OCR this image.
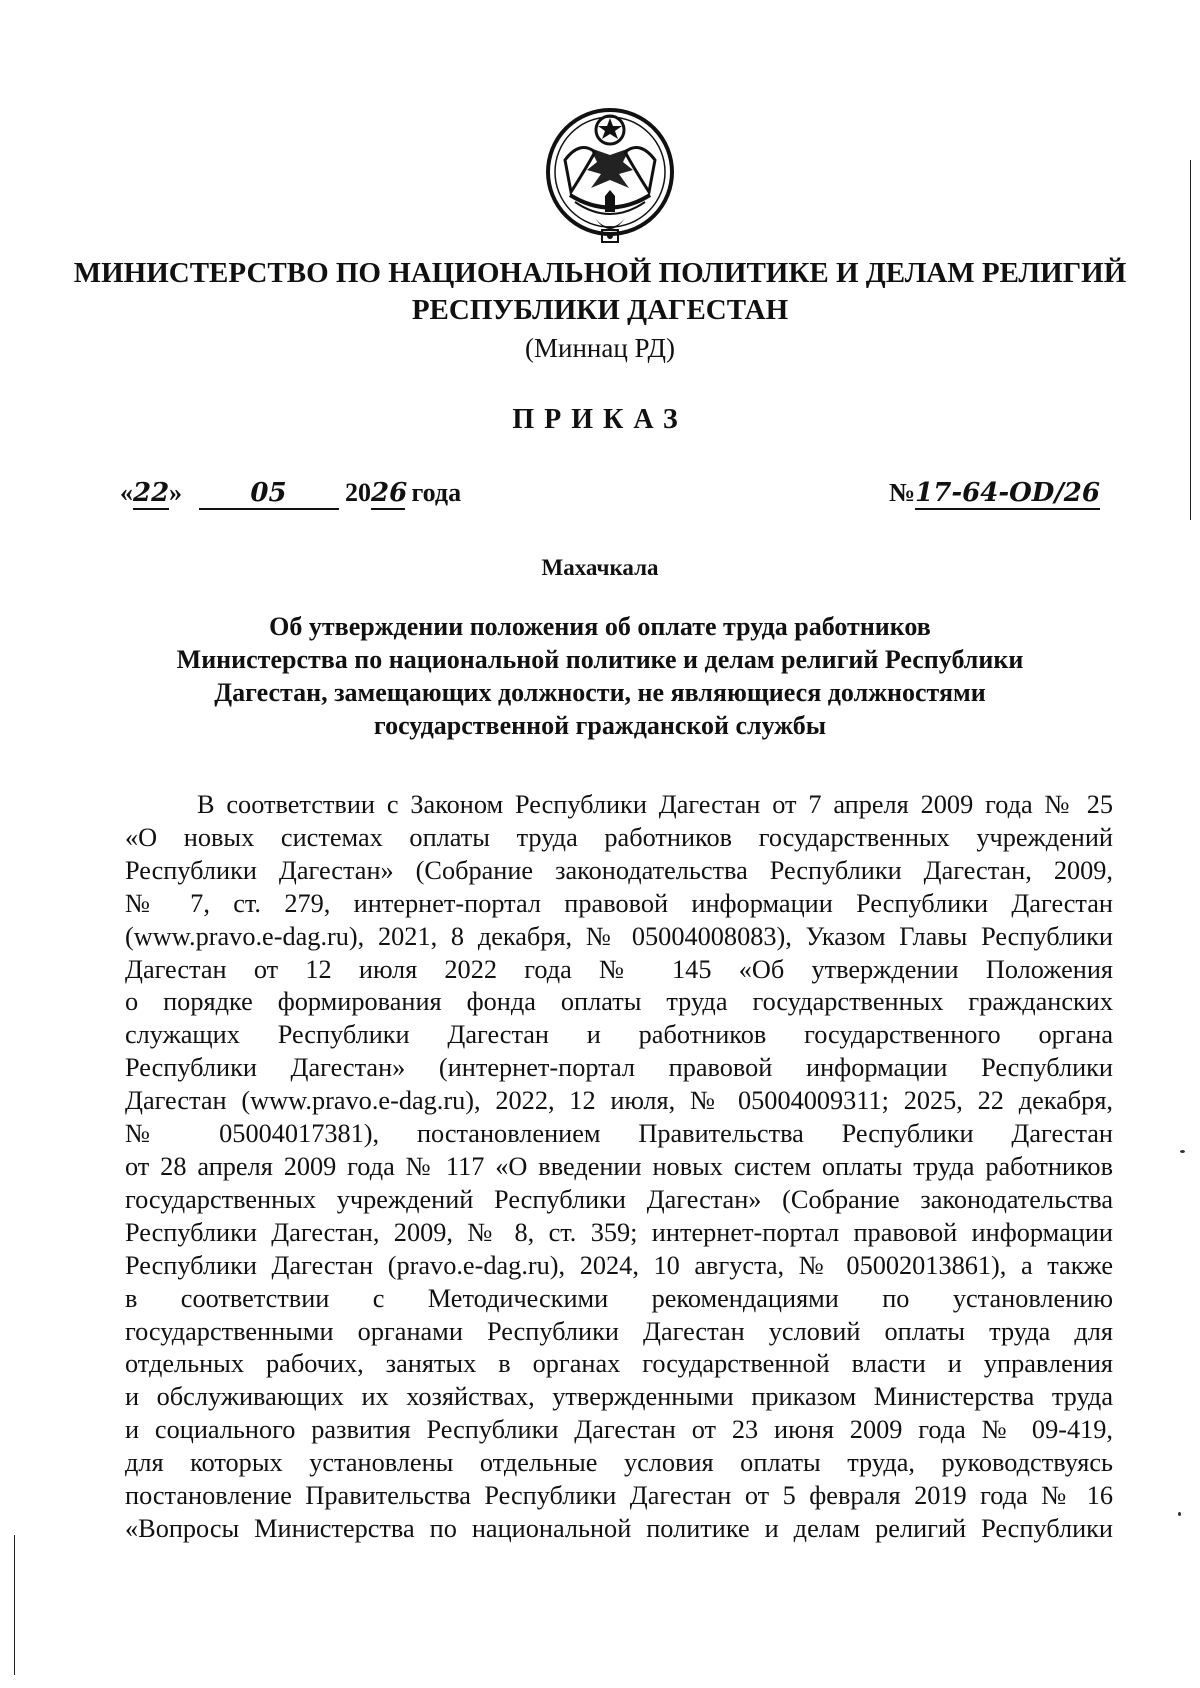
МИНИСТЕРСТВО ПО НАЦИОНАЛЬНОЙ ПОЛИТИКЕ И ДЕЛАМ РЕЛИГИЙ
РЕСПУБЛИКИ ДАГЕСТАН
(Миннац РД)
ПРИКАЗ
«22»	05 2026 года	№17-64-OD/26
Махачкала
Об утверждении положения об оплате труда работников
Министерства по национальной политике и делам религий Республики
Дагестан, замещающих должности, не являющиеся должностями
государственной гражданской службы
В соответствии с Законом Республики Дагестан от 7 апреля 2009 года № 25
«О новых системах оплаты труда работников государственных учреждений
Республики Дагестан» (Собрание законодательства Республики Дагестан, 2009,
№ 7, ст. 279, интернет-портал правовой информации Республики Дагестан
(www.pravo.e-dag.ru), 2021, 8 декабря, № 05004008083), Указом Главы Республики
Дагестан от 12 июля 2022 года № 145 «Об утверждении Положения
о порядке формирования фонда оплаты труда государственных гражданских
служащих Республики Дагестан и работников государственного органа
Республики Дагестан» (интернет-портал правовой информации Республики
Дагестан (www.pravo.e-dag.ru), 2022, 12 июля, № 05004009311; 2025, 22 декабря,
№ 05004017381), постановлением Правительства Республики Дагестан
от 28 апреля 2009 года № 117 «О введении новых систем оплаты труда работников
государственных учреждений Республики Дагестан» (Собрание законодательства
Республики Дагестан, 2009, № 8, ст. 359; интернет-портал правовой информации
Республики Дагестан (pravo.e-dag.ru), 2024, 10 августа, № 05002013861), а также
в соответствии с Методическими рекомендациями по установлению
государственными органами Республики Дагестан условий оплаты труда для
отдельных рабочих, занятых в органах государственной власти и управления
и обслуживающих их хозяйствах, утвержденными приказом Министерства труда
и социального развития Республики Дагестан от 23 июня 2009 года № 09-419,
для которых установлены отдельные условия оплаты труда, руководствуясь
постановление Правительства Республики Дагестан от 5 февраля 2019 года № 16
«Вопросы Министерства по национальной политике и делам религий Республики
